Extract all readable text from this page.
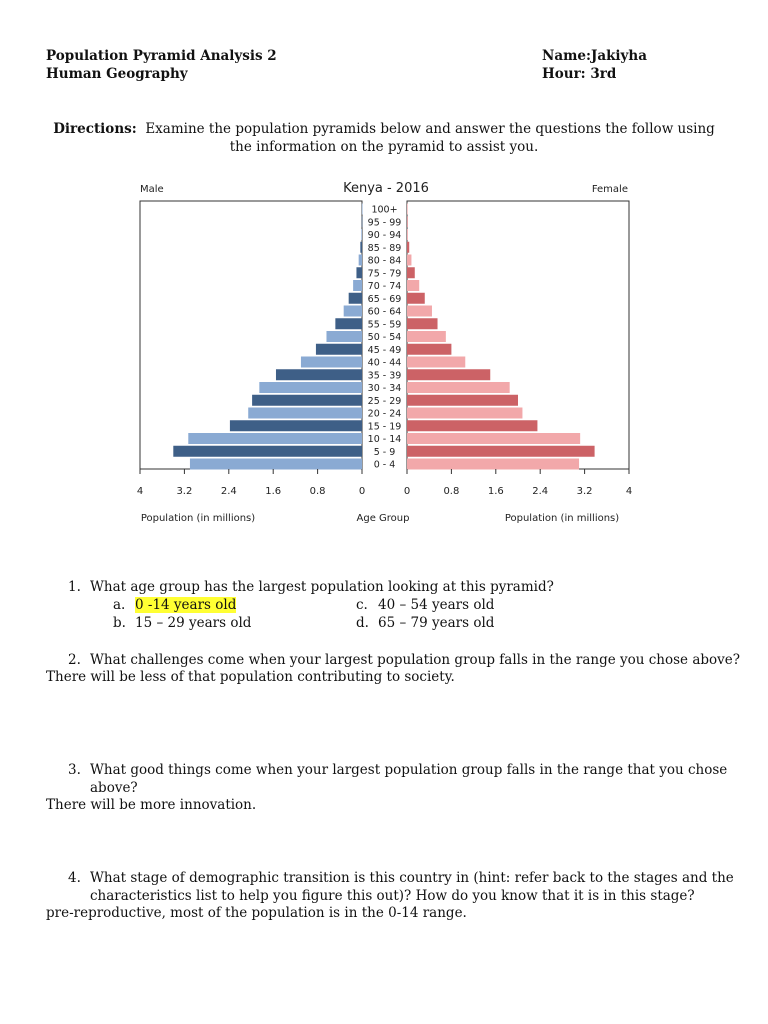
Population Pyramid Analysis 2
Human Geography
Name:Jakiyha
Hour: 3rd
Directions: Examine the population pyramids below and answer the questions the follow using the information on the pyramid to assist you.
Kenya - 2016
Male	Female
100+
95 - 99
90 - 94
85 - 89
80 - 84
75 - 79
70 - 74
65 - 69
60 - 64
55 - 59
50 - 54
45 - 49
40 - 44
35 - 39
30 - 34
25 - 29
20 - 24
15 - 19
10 - 14
5 - 9
0 - 4
4	3.2	2.4	1.6	0.8	0	0	0.8	1.6	2.4	3.2	4
Population (in millions)	Age Group	Population (in millions)
1. What age group has the largest population looking at this pyramid?
a. 0 -14 years old
b. 15 – 29 years old
c. 40 – 54 years old
d. 65 – 79 years old
2. What challenges come when your largest population group falls in the range you chose above?
There will be less of that population contributing to society.
3. What good things come when your largest population group falls in the range that you chose
above?
There will be more innovation.
4. What stage of demographic transition is this country in (hint: refer back to the stages and the
characteristics list to help you figure this out)? How do you know that it is in this stage?
pre-reproductive, most of the population is in the 0-14 range.
